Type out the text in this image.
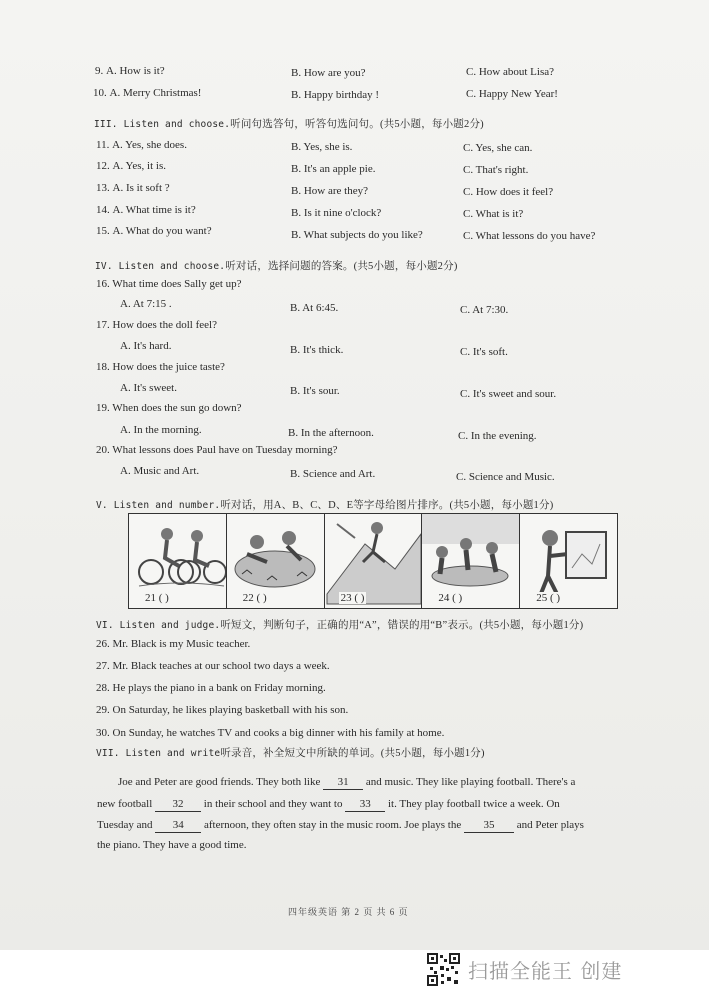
9. A. How is it?	B. How are you?	C. How about Lisa?
10. A. Merry Christmas!	B. Happy birthday !	C. Happy New Year!
III. Listen and choose.听问句选答句，听答句选问句。(共5小题，每小题2分)
11. A. Yes, she does.	B. Yes, she is.	C. Yes, she can.
12. A. Yes, it is.	B. It's an apple pie.	C. That's right.
13. A. Is it soft ?	B. How are they?	C. How does it feel?
14. A. What time is it?	B. Is it nine o'clock?	C. What is it?
15. A. What do you want?	B. What subjects do you like?	C. What lessons do you have?
IV. Listen and choose.听对话，选择问题的答案。(共5小题，每小题2分)
16. What time does Sally get up?
A. At 7:15 .	B. At 6:45.	C. At 7:30.
17. How does the doll feel?
A. It's hard.	B. It's thick.	C. It's soft.
18. How does the juice taste?
A. It's sweet.	B. It's sour.	C. It's sweet and sour.
19. When does the sun go down?
A. In the morning.	B. In the afternoon.	C. In the evening.
20. What lessons does Paul have on Tuesday morning?
A. Music and Art.	B. Science and Art.	C. Science and Music.
V. Listen and number.听对话，用A、B、C、D、E等字母给图片排序。(共5小题，每小题1分)
21 ( )	22 ( )	23 ( )	24 ( )	25 ( )
VI. Listen and judge.听短文，判断句子，正确的用“A”，错误的用“B”表示。(共5小题，每小题1分)
26. Mr. Black is my Music teacher.
27. Mr. Black teaches at our school two days a week.
28. He plays the piano in a bank on Friday morning.
29. On Saturday, he likes playing basketball with his son.
30. On Sunday, he watches TV and cooks a big dinner with his family at home.
VII. Listen and write听录音，补全短文中所缺的单词。(共5小题，每小题1分)
Joe and Peter are good friends. They both like 31 and music. They like playing football. There's a
new football 32 in their school and they want to 33 it. They play football twice a week. On
Tuesday and 34 afternoon, they often stay in the music room. Joe plays the 35 and Peter plays
the piano. They have a good time.
四年级英语 第 2 页 共 6 页
扫描全能王 创建
